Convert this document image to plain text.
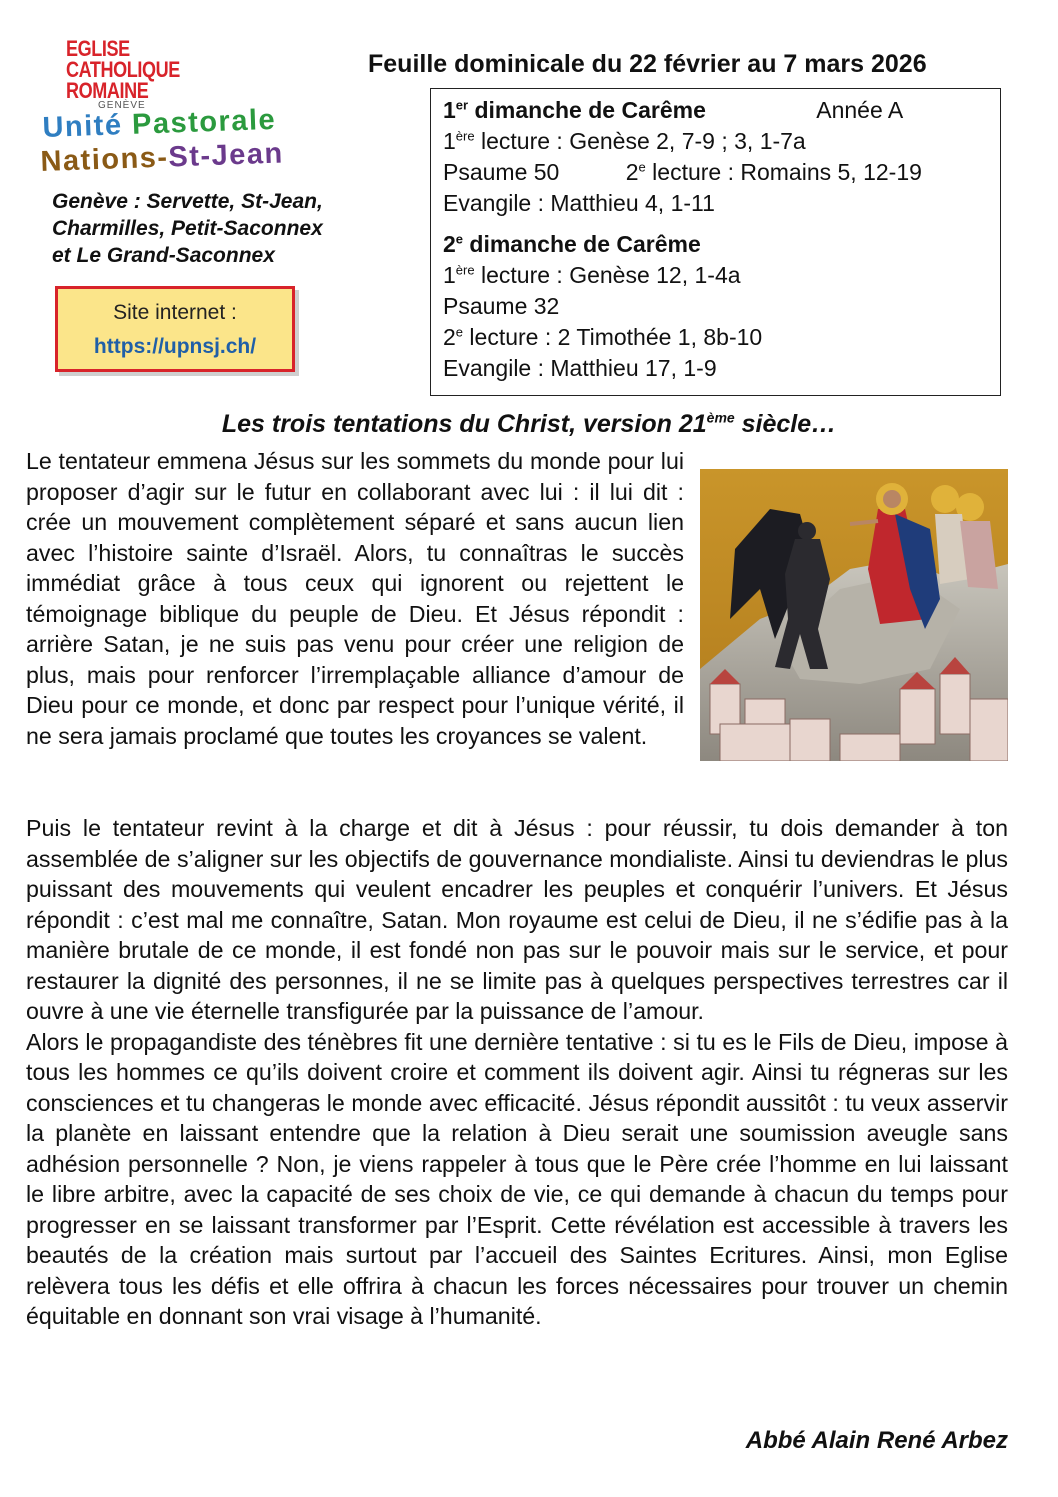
EGLISE
CATHOLIQUE
ROMAINE
GENÈVE
Unité Pastorale
Nations-St-Jean
Genève : Servette, St-Jean,
Charmilles, Petit-Saconnex
et Le Grand-Saconnex
Site internet :
https://upnsj.ch/
Feuille dominicale du 22 février au 7 mars 2026
1er dimanche de Carême	Année A
1ère lecture : Genèse 2, 7-9 ; 3, 1-7a
Psaume 50	2e lecture : Romains 5, 12-19
Evangile : Matthieu 4, 1-11
2e dimanche de Carême
1ère lecture : Genèse 12, 1-4a
Psaume 32
2e lecture : 2 Timothée 1, 8b-10
Evangile : Matthieu 17, 1-9
Les trois tentations du Christ, version 21ème siècle…
Le tentateur emmena Jésus sur les sommets du monde pour lui proposer d’agir sur le futur en collaborant avec lui : il lui dit : crée un mouvement complètement séparé et sans aucun lien avec l’histoire sainte d’Israël. Alors, tu connaîtras le succès immédiat grâce à tous ceux qui ignorent ou rejettent le témoignage biblique du peuple de Dieu. Et Jésus répondit : arrière Satan, je ne suis pas venu pour créer une religion de plus, mais pour renforcer l’irremplaçable alliance d’amour de Dieu pour ce monde, et donc par respect pour l’unique vérité, il ne sera jamais proclamé que toutes les croyances se valent.

Puis le tentateur revint à la charge et dit à Jésus : pour réussir, tu dois demander à ton assemblée de s’aligner sur les objectifs de gouvernance mondialiste. Ainsi tu deviendras le plus puissant des mouvements qui veulent encadrer les peuples et conquérir l’univers. Et Jésus répondit : c’est mal me connaître, Satan. Mon royaume est celui de Dieu, il ne s’édifie pas à la manière brutale de ce monde, il est fondé non pas sur le pouvoir mais sur le service, et pour restaurer la dignité des personnes, il ne se limite pas à quelques perspectives terrestres car il ouvre à une vie éternelle transfigurée par la puissance de l’amour.

Alors le propagandiste des ténèbres fit une dernière tentative : si tu es le Fils de Dieu, impose à tous les hommes ce qu’ils doivent croire et comment ils doivent agir. Ainsi tu régneras sur les consciences et tu changeras le monde avec efficacité. Jésus répondit aussitôt : tu veux asservir la planète en laissant entendre que la relation à Dieu serait une soumission aveugle sans adhésion personnelle ? Non, je viens rappeler à tous que le Père crée l’homme en lui laissant le libre arbitre, avec la capacité de ses choix de vie, ce qui demande à chacun du temps pour progresser en se laissant transformer par l’Esprit. Cette révélation est accessible à travers les beautés de la création mais surtout par l’accueil des Saintes Ecritures. Ainsi, mon Eglise relèvera tous les défis et elle offrira à chacun les forces nécessaires pour trouver un chemin équitable en donnant son vrai visage à l’humanité.

Abbé Alain René Arbez
